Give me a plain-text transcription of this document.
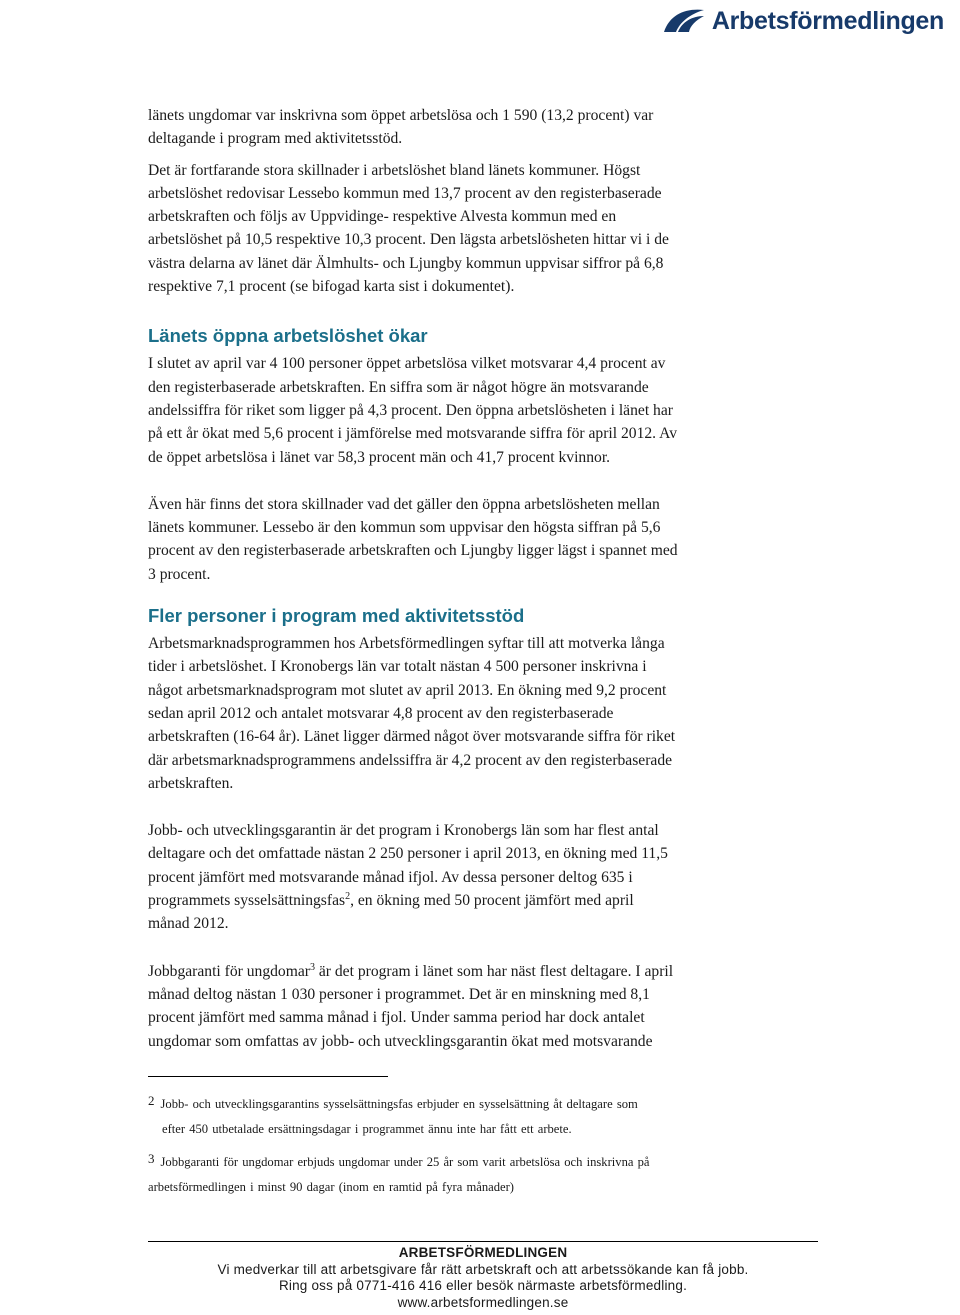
Arbetsförmedlingen

länets ungdomar var inskrivna som öppet arbetslösa och 1 590 (13,2 procent) var
deltagande i program med aktivitetsstöd.

Det är fortfarande stora skillnader i arbetslöshet bland länets kommuner. Högst
arbetslöshet redovisar Lessebo kommun med 13,7 procent av den registerbaserade
arbetskraften och följs av Uppvidinge- respektive Alvesta kommun med en
arbetslöshet på 10,5 respektive 10,3 procent. Den lägsta arbetslösheten hittar vi i de
västra delarna av länet där Älmhults- och Ljungby kommun uppvisar siffror på 6,8
respektive 7,1 procent (se bifogad karta sist i dokumentet).

Länets öppna arbetslöshet ökar

I slutet av april var 4 100 personer öppet arbetslösa vilket motsvarar 4,4 procent av
den registerbaserade arbetskraften. En siffra som är något högre än motsvarande
andelssiffra för riket som ligger på 4,3 procent. Den öppna arbetslösheten i länet har
på ett år ökat med 5,6 procent i jämförelse med motsvarande siffra för april 2012. Av
de öppet arbetslösa i länet var 58,3 procent män och 41,7 procent kvinnor.

Även här finns det stora skillnader vad det gäller den öppna arbetslösheten mellan
länets kommuner. Lessebo är den kommun som uppvisar den högsta siffran på 5,6
procent av den registerbaserade arbetskraften och Ljungby ligger lägst i spannet med
3 procent.

Fler personer i program med aktivitetsstöd

Arbetsmarknadsprogrammen hos Arbetsförmedlingen syftar till att motverka långa
tider i arbetslöshet. I Kronobergs län var totalt nästan 4 500 personer inskrivna i
något arbetsmarknadsprogram mot slutet av april 2013. En ökning med 9,2 procent
sedan april 2012 och antalet motsvarar 4,8 procent av den registerbaserade
arbetskraften (16-64 år). Länet ligger därmed något över motsvarande siffra för riket
där arbetsmarknadsprogrammens andelssiffra är 4,2 procent av den registerbaserade
arbetskraften.

Jobb- och utvecklingsgarantin är det program i Kronobergs län som har flest antal
deltagare och det omfattade nästan 2 250 personer i april 2013, en ökning med 11,5
procent jämfört med motsvarande månad ifjol. Av dessa personer deltog 635 i
programmets sysselsättningsfas$^2$, en ökning med 50 procent jämfört med april
månad 2012.

Jobbgaranti för ungdomar$^3$ är det program i länet som har näst flest deltagare. I april
månad deltog nästan 1 030 personer i programmet. Det är en minskning med 8,1
procent jämfört med samma månad i fjol. Under samma period har dock antalet
ungdomar som omfattas av jobb- och utvecklingsgarantin ökat med motsvarande

2 Jobb- och utvecklingsgarantins sysselsättningsfas erbjuder en sysselsättning åt deltagare som
efter 450 utbetalade ersättningsdagar i programmet ännu inte har fått ett arbete.

3 Jobbgaranti för ungdomar erbjuds ungdomar under 25 år som varit arbetslösa och inskrivna på
arbetsförmedlingen i minst 90 dagar (inom en ramtid på fyra månader)

ARBETSFÖRMEDLINGEN
Vi medverkar till att arbetsgivare får rätt arbetskraft och att arbetssökande kan få jobb.
Ring oss på 0771-416 416 eller besök närmaste arbetsförmedling.
www.arbetsformedlingen.se
